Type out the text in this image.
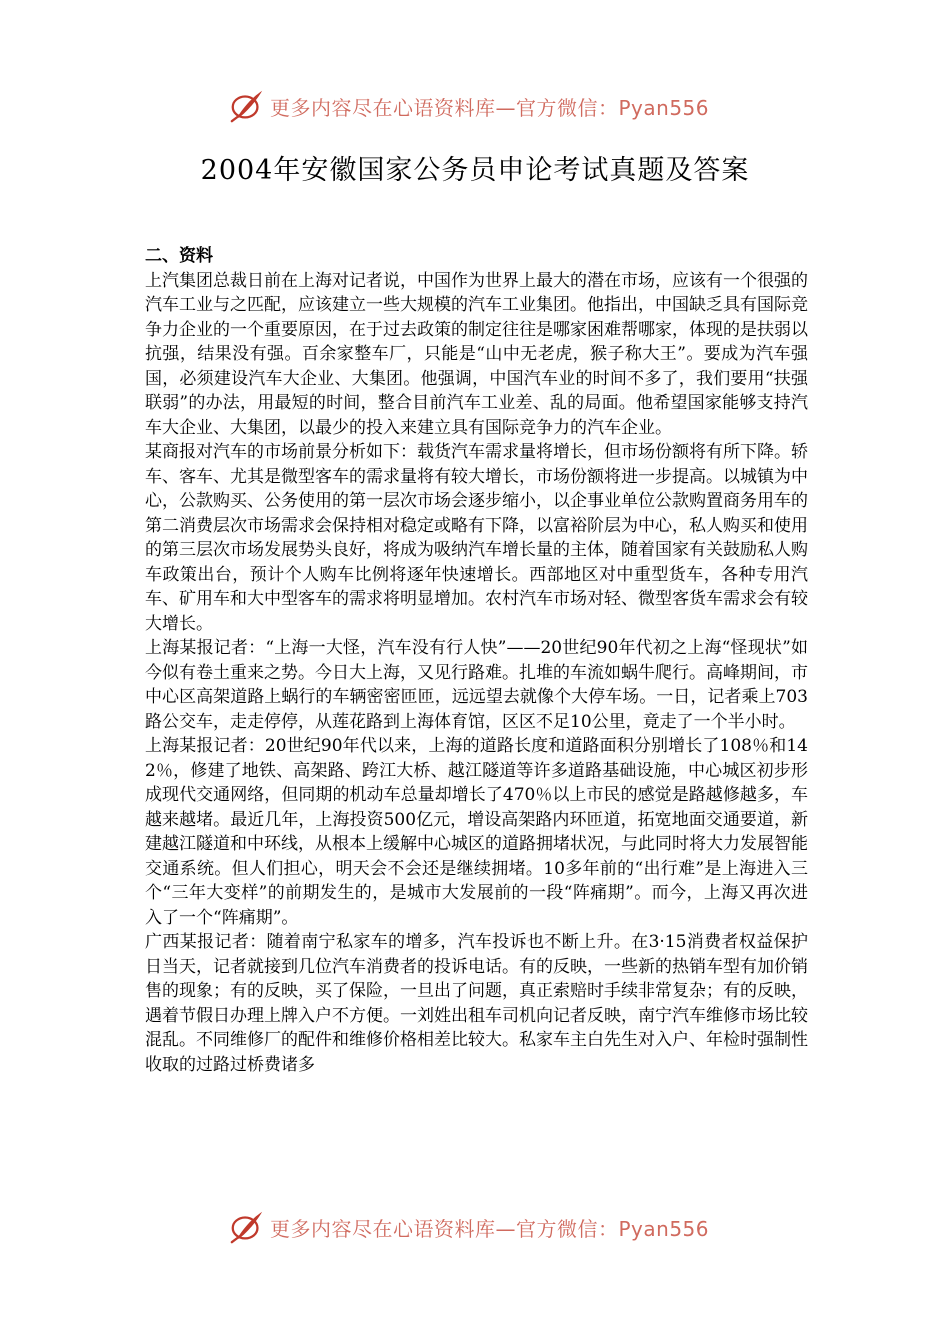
更多内容尽在心语资料库—官方微信：Pyan556
2004年安徽国家公务员申论考试真题及答案

二、资料

上汽集团总裁日前在上海对记者说，中国作为世界上最大的潜在市场，应该有一个很强的汽车工业与之匹配，应该建立一些大规模的汽车工业集团。他指出，中国缺乏具有国际竞争力企业的一个重要原因，在于过去政策的制定往往是哪家困难帮哪家，体现的是扶弱以抗强，结果没有强。百余家整车厂，只能是“山中无老虎，猴子称大王”。要成为汽车强国，必须建设汽车大企业、大集团。他强调，中国汽车业的时间不多了，我们要用“扶强联弱”的办法，用最短的时间，整合目前汽车工业差、乱的局面。他希望国家能够支持汽车大企业、大集团，以最少的投入来建立具有国际竞争力的汽车企业。

某商报对汽车的市场前景分析如下：载货汽车需求量将增长，但市场份额将有所下降。轿车、客车、尤其是微型客车的需求量将有较大增长，市场份额将进一步提高。以城镇为中心，公款购买、公务使用的第一层次市场会逐步缩小，以企事业单位公款购置商务用车的第二消费层次市场需求会保持相对稳定或略有下降，以富裕阶层为中心，私人购买和使用的第三层次市场发展势头良好，将成为吸纳汽车增长量的主体，随着国家有关鼓励私人购车政策出台，预计个人购车比例将逐年快速增长。西部地区对中重型货车，各种专用汽车、矿用车和大中型客车的需求将明显增加。农村汽车市场对轻、微型客货车需求会有较大增长。

上海某报记者：“上海一大怪，汽车没有行人快”——20世纪90年代初之上海“怪现状”如今似有卷土重来之势。今日大上海，又见行路难。扎堆的车流如蜗牛爬行。高峰期间，市中心区高架道路上蜗行的车辆密密匝匝，远远望去就像个大停车场。一日，记者乘上703路公交车，走走停停，从莲花路到上海体育馆，区区不足10公里，竟走了一个半小时。

上海某报记者：20世纪90年代以来，上海的道路长度和道路面积分别增长了108％和142％，修建了地铁、高架路、跨江大桥、越江隧道等许多道路基础设施，中心城区初步形成现代交通网络，但同期的机动车总量却增长了470％以上市民的感觉是路越修越多，车越来越堵。最近几年，上海投资500亿元，增设高架路内环匝道，拓宽地面交通要道，新建越江隧道和中环线，从根本上缓解中心城区的道路拥堵状况，与此同时将大力发展智能交通系统。但人们担心，明天会不会还是继续拥堵。10多年前的“出行难”是上海进入三个“三年大变样”的前期发生的，是城市大发展前的一段“阵痛期”。而今，上海又再次进入了一个“阵痛期”。

广西某报记者：随着南宁私家车的增多，汽车投诉也不断上升。在3·15消费者权益保护日当天，记者就接到几位汽车消费者的投诉电话。有的反映，一些新的热销车型有加价销售的现象；有的反映，买了保险，一旦出了问题，真正索赔时手续非常复杂；有的反映，遇着节假日办理上牌入户不方便。一刘姓出租车司机向记者反映，南宁汽车维修市场比较混乱。不同维修厂的配件和维修价格相差比较大。私家车主白先生对入户、年检时强制性收取的过路过桥费诸多

更多内容尽在心语资料库—官方微信：Pyan556
